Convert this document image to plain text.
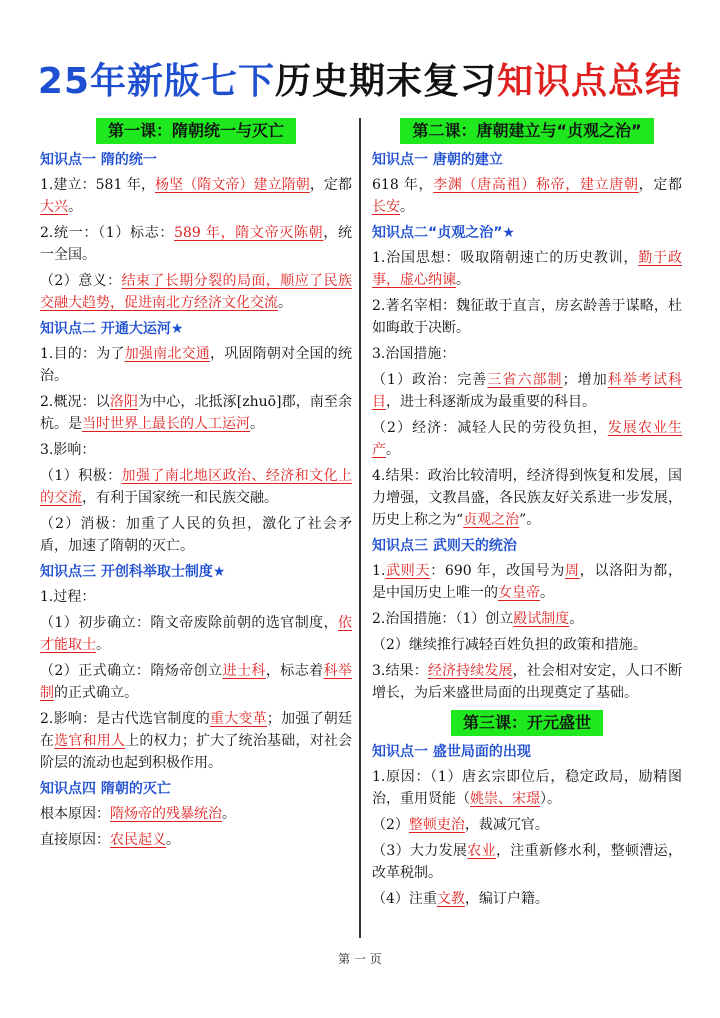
25年新版七下历史期末复习知识点总结
第一课：隋朝统一与灭亡
知识点一 隋的统一
1.建立：581 年，杨坚（隋文帝）建立隋朝，定都大兴。
2.统一：（1）标志：589 年，隋文帝灭陈朝，统一全国。
（2）意义：结束了长期分裂的局面，顺应了民族交融大趋势，促进南北方经济文化交流。
知识点二 开通大运河★
1.目的：为了加强南北交通，巩固隋朝对全国的统治。
2.概况：以洛阳为中心，北抵涿[zhuō]郡，南至余杭。是当时世界上最长的人工运河。
3.影响：
（1）积极：加强了南北地区政治、经济和文化上的交流，有利于国家统一和民族交融。
（2）消极：加重了人民的负担，激化了社会矛盾，加速了隋朝的灭亡。
知识点三 开创科举取士制度★
1.过程：
（1）初步确立：隋文帝废除前朝的选官制度，依才能取士。
（2）正式确立：隋炀帝创立进士科，标志着科举制的正式确立。
2.影响：是古代选官制度的重大变革；加强了朝廷在选官和用人上的权力；扩大了统治基础，对社会阶层的流动也起到积极作用。
知识点四 隋朝的灭亡
根本原因：隋炀帝的残暴统治。
直接原因：农民起义。
第二课：唐朝建立与“贞观之治”
知识点一 唐朝的建立
618 年，李渊（唐高祖）称帝，建立唐朝，定都长安。
知识点二“贞观之治”★
1.治国思想：吸取隋朝速亡的历史教训，勤于政事，虚心纳谏。
2.著名宰相：魏征敢于直言，房玄龄善于谋略，杜如晦敢于决断。
3.治国措施：
（1）政治：完善三省六部制；增加科举考试科目，进士科逐渐成为最重要的科目。
（2）经济：减轻人民的劳役负担，发展农业生产。
4.结果：政治比较清明，经济得到恢复和发展，国力增强，文教昌盛，各民族友好关系进一步发展，历史上称之为“贞观之治”。
知识点三 武则天的统治
1.武则天：690 年，改国号为周，以洛阳为都，是中国历史上唯一的女皇帝。
2.治国措施：（1）创立殿试制度。
（2）继续推行减轻百姓负担的政策和措施。
3.结果：经济持续发展，社会相对安定，人口不断增长，为后来盛世局面的出现奠定了基础。
第三课：开元盛世
知识点一 盛世局面的出现
1.原因：（1）唐玄宗即位后，稳定政局，励精图治，重用贤能（姚崇、宋璟）。
（2）整顿吏治，裁减冗官。
（3）大力发展农业，注重新修水利，整顿漕运，改革税制。
（4）注重文教，编订户籍。
第 一 页
